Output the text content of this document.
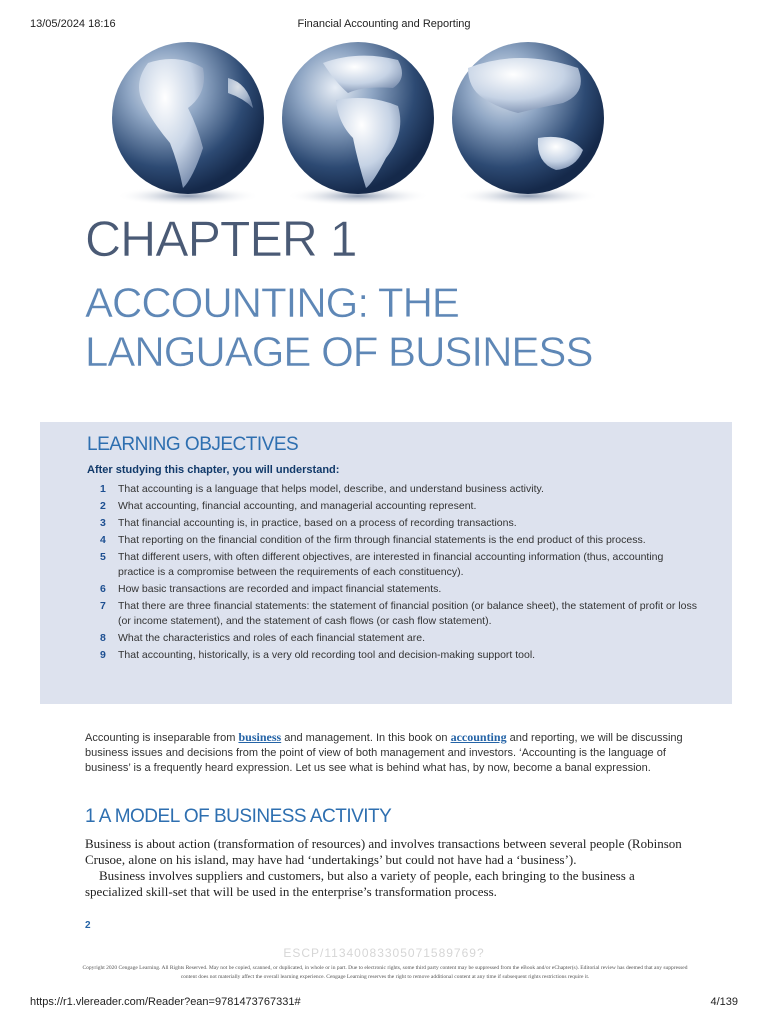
13/05/2024 18:16	Financial Accounting and Reporting
CHAPTER 1
ACCOUNTING: THE
LANGUAGE OF BUSINESS
LEARNING OBJECTIVES
After studying this chapter, you will understand:
1	That accounting is a language that helps model, describe, and understand business activity.
2	What accounting, financial accounting, and managerial accounting represent.
3	That financial accounting is, in practice, based on a process of recording transactions.
4	That reporting on the financial condition of the firm through financial statements is the end product of this process.
5	That different users, with often different objectives, are interested in financial accounting information (thus, accounting practice is a compromise between the requirements of each constituency).
6	How basic transactions are recorded and impact financial statements.
7	That there are three financial statements: the statement of financial position (or balance sheet), the statement of profit or loss (or income statement), and the statement of cash flows (or cash flow statement).
8	What the characteristics and roles of each financial statement are.
9	That accounting, historically, is a very old recording tool and decision-making support tool.

Accounting is inseparable from business and management. In this book on accounting and reporting, we will be discussing business issues and decisions from the point of view of both management and investors. ‘Accounting is the language of business’ is a frequently heard expression. Let us see what is behind what has, by now, become a banal expression.

1 A MODEL OF BUSINESS ACTIVITY

Business is about action (transformation of resources) and involves transactions between several people (Robinson Crusoe, alone on his island, may have had ‘undertakings’ but could not have had a ‘business’).

Business involves suppliers and customers, but also a variety of people, each bringing to the business a specialized skill-set that will be used in the enterprise’s transformation process.

2
ESCP/11340083305071589769?
Copyright 2020 Cengage Learning. All Rights Reserved. May not be copied, scanned, or duplicated, in whole or in part. Due to electronic rights, some third party content may be suppressed from the eBook and/or eChapter(s). Editorial review has deemed that any suppressed content does not materially affect the overall learning experience. Cengage Learning reserves the right to remove additional content at any time if subsequent rights restrictions require it.
https://r1.vlereader.com/Reader?ean=9781473767331#	4/139
